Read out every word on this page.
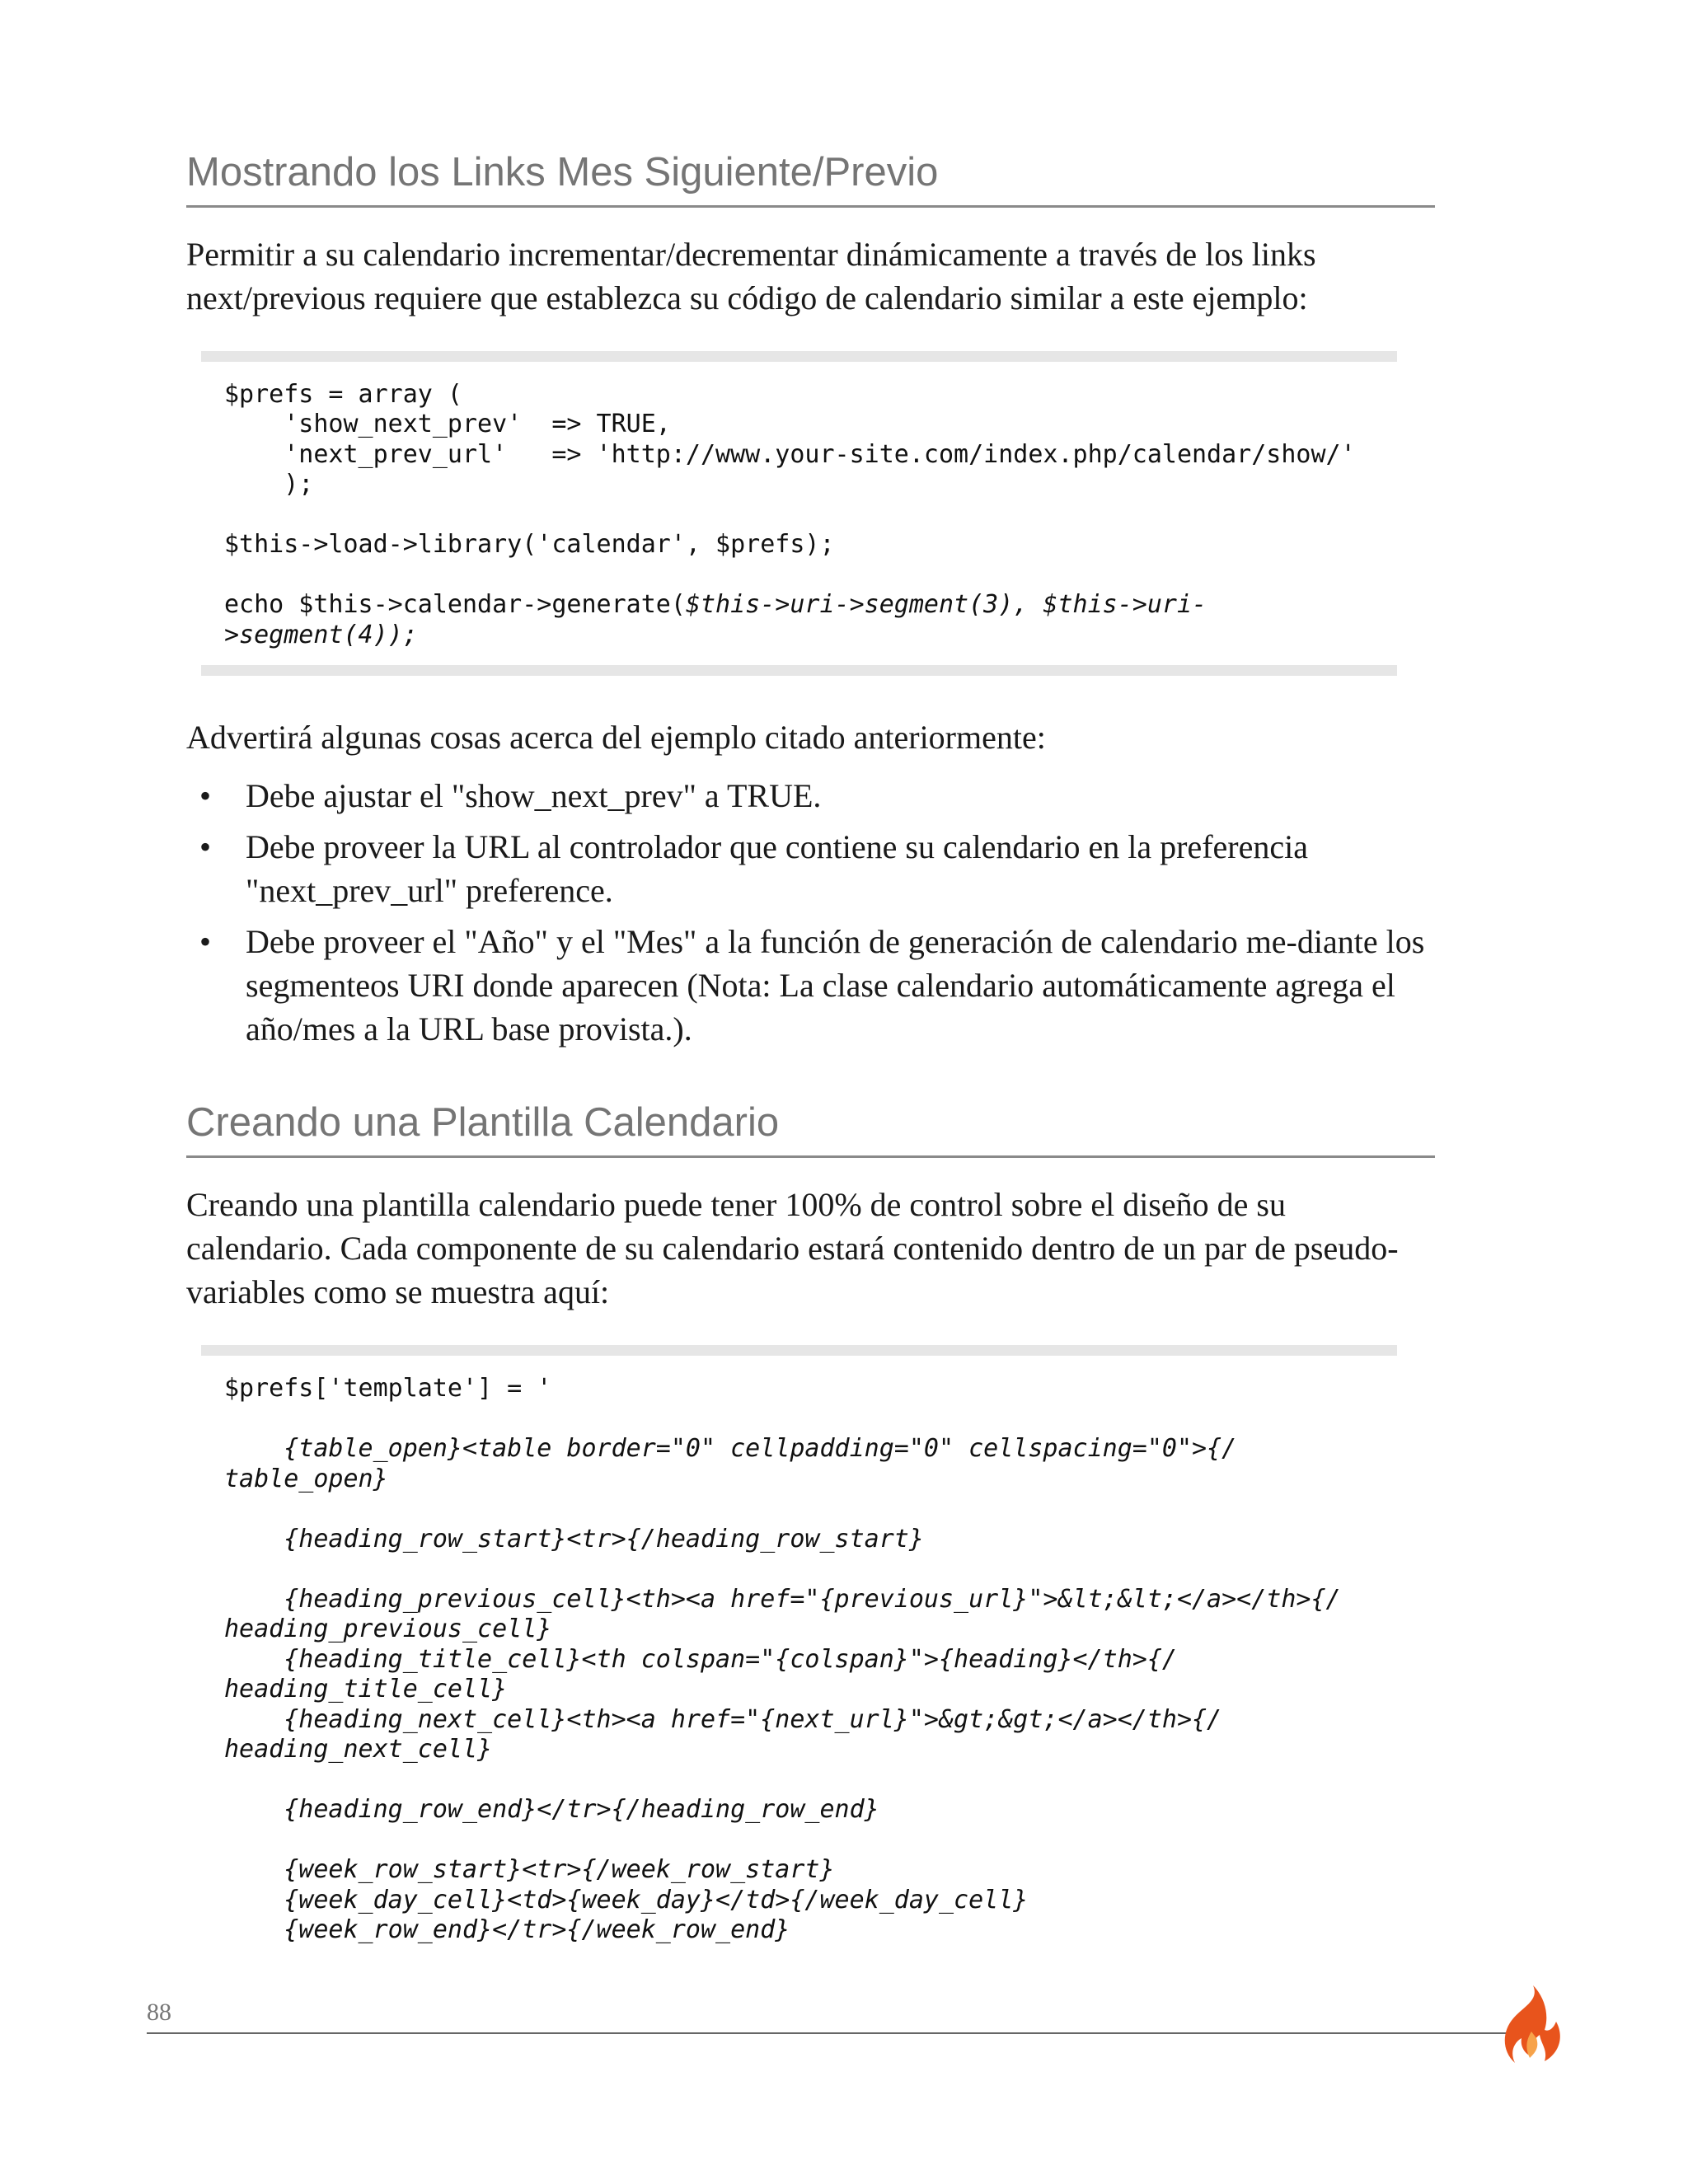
Mostrando los Links Mes Siguiente/Previo

Permitir a su calendario incrementar/decrementar dinámicamente a través de los links next/previous requiere que establezca su código de calendario similar a este ejemplo:

$prefs = array (
'show_next_prev'  => TRUE,
'next_prev_url'   => 'http://www.your-site.com/index.php/calendar/show/'
);

$this->load->library('calendar', $prefs);

echo $this->calendar->generate($this->uri->segment(3), $this->uri-
>segment(4));

Advertirá algunas cosas acerca del ejemplo citado anteriormente:

• Debe ajustar el "show_next_prev" a TRUE.
• Debe proveer la URL al controlador que contiene su calendario en la preferencia "next_prev_url" preference.
• Debe proveer el "Año" y el "Mes" a la función de generación de calendario me-diante los segmenteos URI donde aparecen (Nota: La clase calendario automáticamente agrega el año/mes a la URL base provista.).
Creando una Plantilla Calendario

Creando una plantilla calendario puede tener 100% de control sobre el diseño de su calendario. Cada componente de su calendario estará contenido dentro de un par de pseudo-variables como se muestra aquí:

$prefs['template'] = '

{table_open}<table border="0" cellpadding="0" cellspacing="0">{/
table_open}

{heading_row_start}<tr>{/heading_row_start}

{heading_previous_cell}<th><a href="{previous_url}">&lt;&lt;</a></th>{/
heading_previous_cell}
{heading_title_cell}<th colspan="{colspan}">{heading}</th>{/
heading_title_cell}
{heading_next_cell}<th><a href="{next_url}">&gt;&gt;</a></th>{/
heading_next_cell}

{heading_row_end}</tr>{/heading_row_end}

{week_row_start}<tr>{/week_row_start}
{week_day_cell}<td>{week_day}</td>{/week_day_cell}
{week_row_end}</tr>{/week_row_end}
88
